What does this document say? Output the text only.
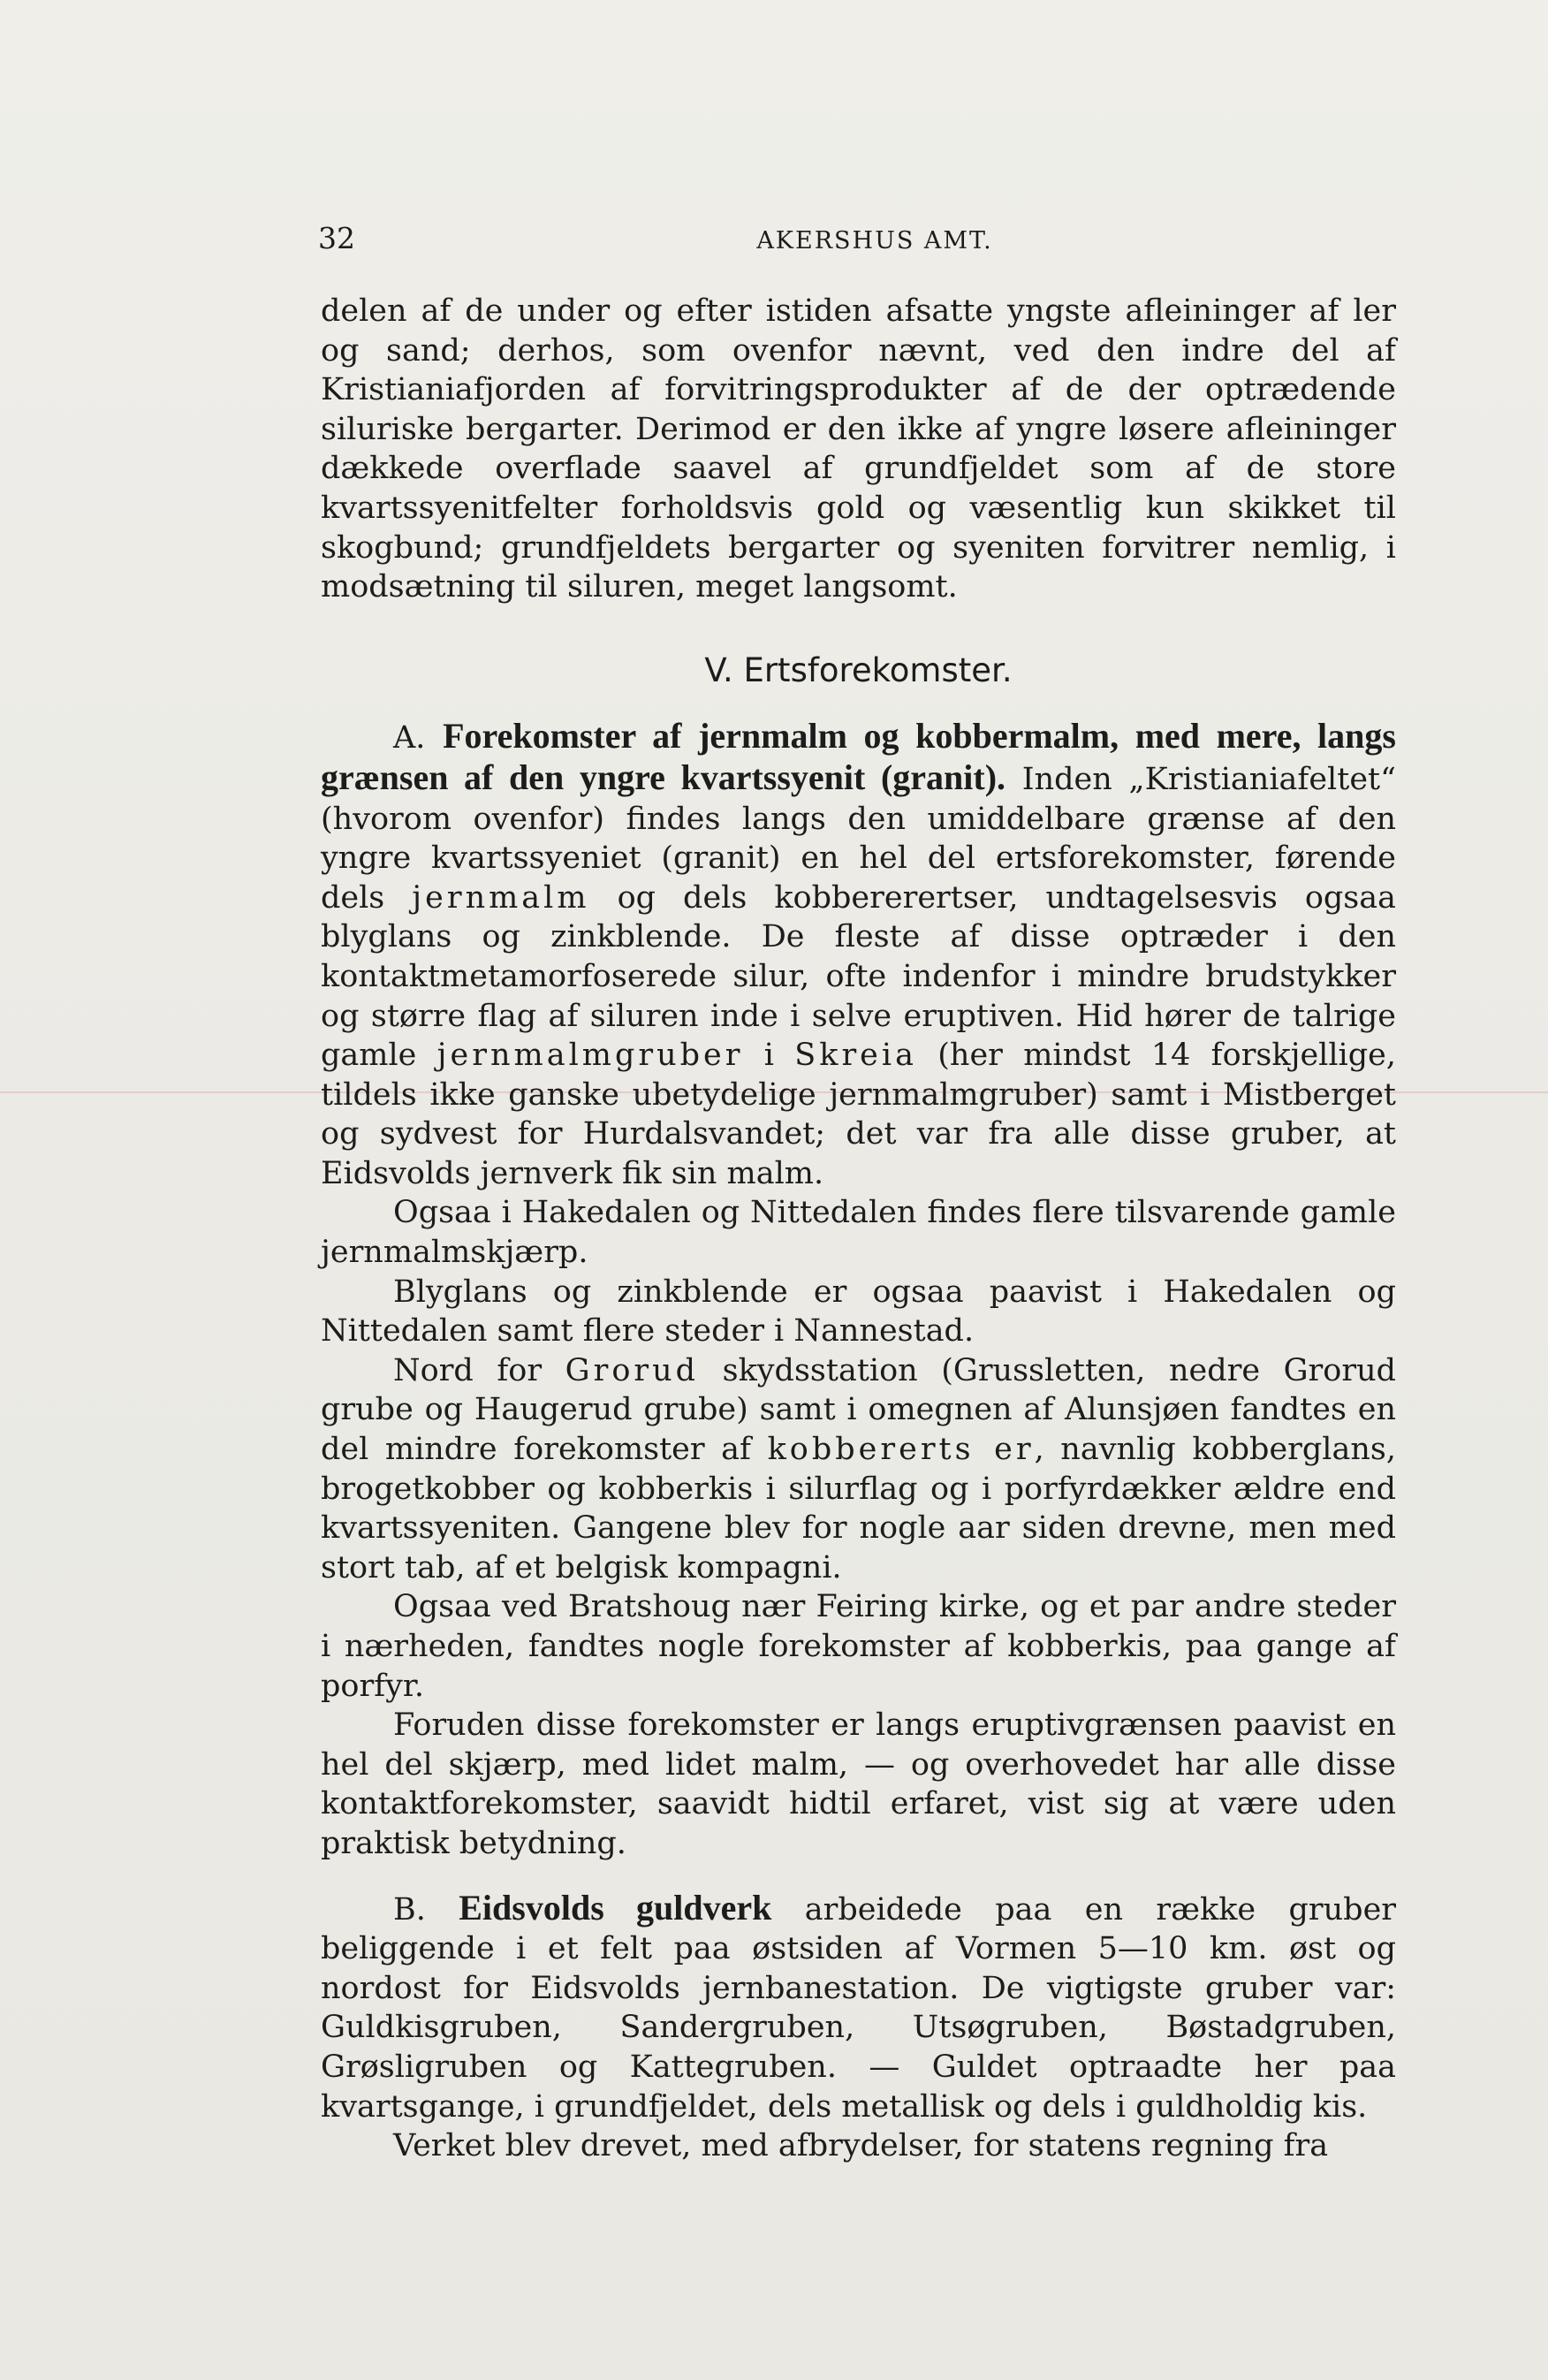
32	AKERSHUS AMT.

delen af de under og efter istiden afsatte yngste afleininger af ler og sand; derhos, som ovenfor nævnt, ved den indre del af Kristianiafjorden af forvitringsprodukter af de der optrædende siluriske bergarter. Derimod er den ikke af yngre løsere afleininger dækkede overflade saavel af grundfjeldet som af de store kvartssyenitfelter forholdsvis gold og væsentlig kun skikket til skogbund; grundfjeldets bergarter og syeniten forvitrer nemlig, i modsætning til siluren, meget langsomt.

V. Ertsforekomster.

A. Forekomster af jernmalm og kobbermalm, med mere, langs grænsen af den yngre kvartssyenit (granit). Inden „Kristianiafeltet“ (hvorom ovenfor) findes langs den umiddelbare grænse af den yngre kvartssyeniet (granit) en hel del ertsforekomster, førende dels jernmalm og dels kobbererertser, undtagelsesvis ogsaa blyglans og zinkblende. De fleste af disse optræder i den kontaktmetamorfoserede silur, ofte indenfor i mindre brudstykker og større flag af siluren inde i selve eruptiven. Hid hører de talrige gamle jernmalmgruber i Skreia (her mindst 14 forskjellige, tildels ikke ganske ubetydelige jernmalmgruber) samt i Mistberget og sydvest for Hurdalsvandet; det var fra alle disse gruber, at Eidsvolds jernverk fik sin malm.

Ogsaa i Hakedalen og Nittedalen findes flere tilsvarende gamle jernmalmskjærp.

Blyglans og zinkblende er ogsaa paavist i Hakedalen og Nittedalen samt flere steder i Nannestad.

Nord for Grorud skydsstation (Grussletten, nedre Grorud grube og Haugerud grube) samt i omegnen af Alunsjøen fandtes en del mindre forekomster af kobbererts er, navnlig kobberglans, brogetkobber og kobberkis i silurflag og i porfyrdækker ældre end kvartssyeniten. Gangene blev for nogle aar siden drevne, men med stort tab, af et belgisk kompagni.

Ogsaa ved Bratshoug nær Feiring kirke, og et par andre steder i nærheden, fandtes nogle forekomster af kobberkis, paa gange af porfyr.

Foruden disse forekomster er langs eruptivgrænsen paavist en hel del skjærp, med lidet malm, — og overhovedet har alle disse kontaktforekomster, saavidt hidtil erfaret, vist sig at være uden praktisk betydning.

B. Eidsvolds guldverk arbeidede paa en række gruber beliggende i et felt paa østsiden af Vormen 5—10 km. øst og nordost for Eidsvolds jernbanestation. De vigtigste gruber var: Guldkisgruben, Sandergruben, Utsøgruben, Bøstadgruben, Grøsligruben og Kattegruben. — Guldet optraadte her paa kvartsgange, i grundfjeldet, dels metallisk og dels i guldholdig kis.

Verket blev drevet, med afbrydelser, for statens regning fra
